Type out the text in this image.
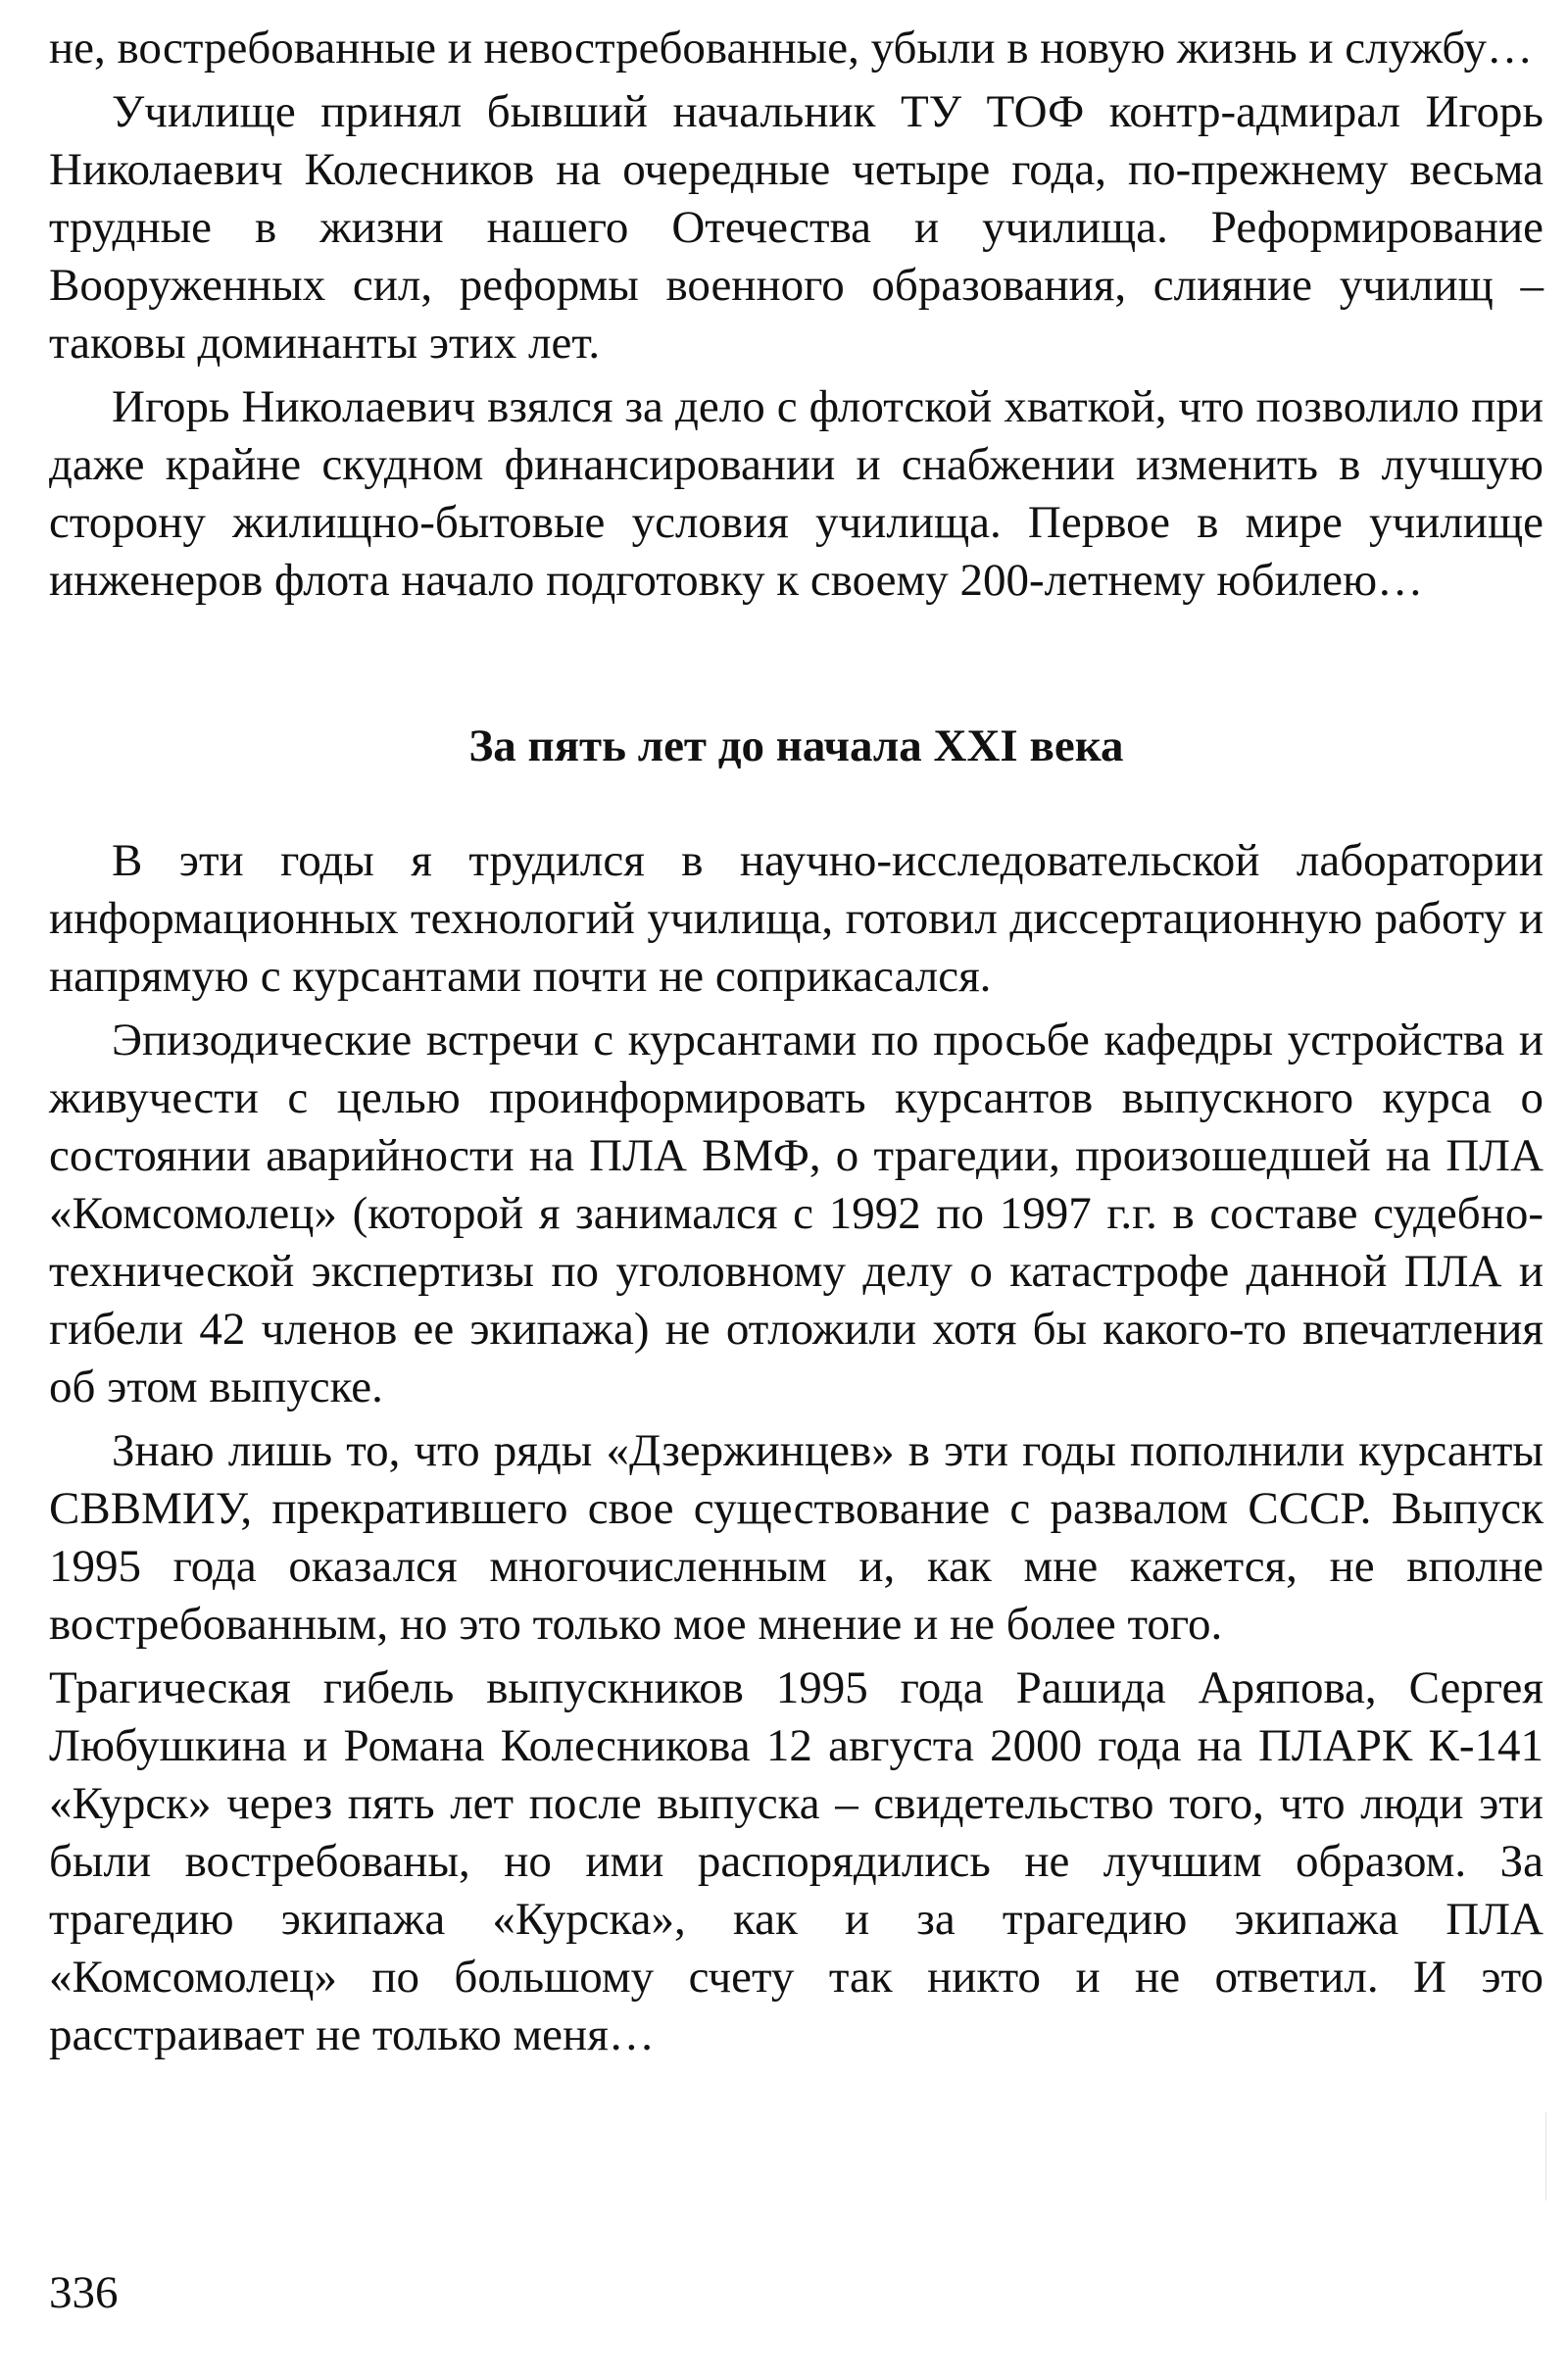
не, востребованные и невостребованные, убыли в новую жизнь и службу…

Училище принял бывший начальник ТУ ТОФ контр-адмирал Игорь Николаевич Колесников на очередные четыре года, по-прежнему весьма трудные в жизни нашего Отечества и училища. Реформирование Вооруженных сил, реформы военного образования, слияние училищ – таковы доминанты этих лет.

Игорь Николаевич взялся за дело с флотской хваткой, что позволило при даже крайне скудном финансировании и снабжении изменить в лучшую сторону жилищно-бытовые условия училища. Первое в мире училище инженеров флота начало подготовку к своему 200-летнему юбилею…

За пять лет до начала XXI века

В эти годы я трудился в научно-исследовательской лаборатории информационных технологий училища, готовил диссертационную работу и напрямую с курсантами почти не соприкасался.

Эпизодические встречи с курсантами по просьбе кафедры устройства и живучести с целью проинформировать курсантов выпускного курса о состоянии аварийности на ПЛА ВМФ, о трагедии, произошедшей на ПЛА «Комсомолец» (которой я занимался с 1992 по 1997 г.г. в составе судебно-технической экспертизы по уголовному делу о катастрофе данной ПЛА и гибели 42 членов ее экипажа) не отложили хотя бы какого-то впечатления об этом выпуске.

Знаю лишь то, что ряды «Дзержинцев» в эти годы пополнили курсанты СВВМИУ, прекратившего свое существование с развалом СССР. Выпуск 1995 года оказался многочисленным и, как мне кажется, не вполне востребованным, но это только мое мнение и не более того.

Трагическая гибель выпускников 1995 года Рашида Аряпова, Сергея Любушкина и Романа Колесникова 12 августа 2000 года на ПЛАРК К-141 «Курск» через пять лет после выпуска – свидетельство того, что люди эти были востребованы, но ими распорядились не лучшим образом. За трагедию экипажа «Курска», как и за трагедию экипажа ПЛА «Комсомолец» по большому счету так никто и не ответил. И это расстраивает не только меня…

336
